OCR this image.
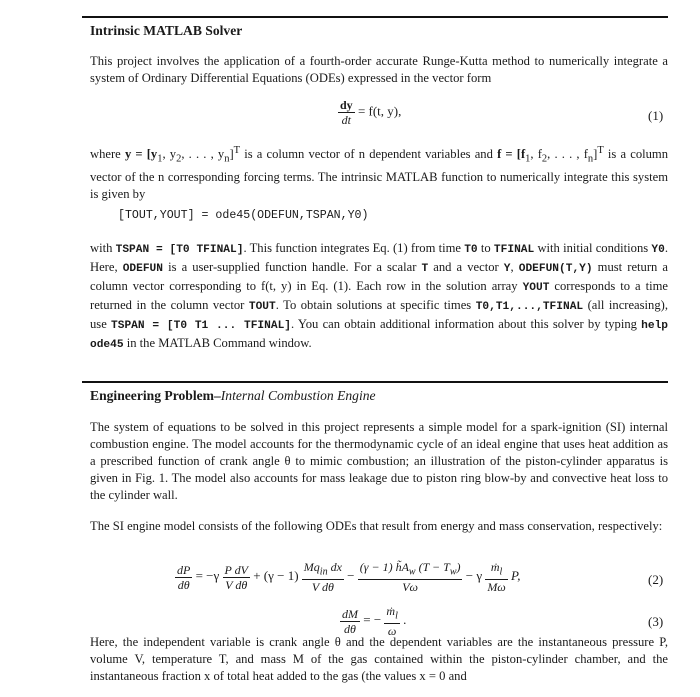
Intrinsic MATLAB Solver
This project involves the application of a fourth-order accurate Runge-Kutta method to numerically integrate a system of Ordinary Differential Equations (ODEs) expressed in the vector form
$\frac{dy}{dt} = f(t$, y),	(1)

where $y = [y_1$, $y_2$, . . . , $y_n]^T$ is a column vector of n dependent variables and $f = [f_1$, $f_2$, . . . , $f_n]^T$ is a column vector of the n corresponding forcing terms. The intrinsic MATLAB function to numerically integrate this system is given by

[TOUT,YOUT] = ode45(ODEFUN,TSPAN,Y0)

with TSPAN = [T0 TFINAL]. This function integrates Eq. (1) from time T0 to TFINAL with initial conditions Y0. Here, ODEFUN is a user-supplied function handle. For a scalar T and a vector Y, ODEFUN(T,Y) must return a column vector corresponding to f(t, y) in Eq. (1). Each row in the solution array YOUT corresponds to a time returned in the column vector TOUT. To obtain solutions at specific times T0,T1,...,TFINAL (all increasing), use TSPAN = [T0 T1 ... TFINAL]. You can obtain additional information about this solver by typing help ode45 in the MATLAB Command window.

Engineering Problem–Internal Combustion Engine
The system of equations to be solved in this project represents a simple model for a spark-ignition (SI) internal combustion engine. The model accounts for the thermodynamic cycle of an ideal engine that uses heat addition as a prescribed function of crank angle θ to mimic combustion; an illustration of the piston-cylinder apparatus is given in Fig. 1. The model also accounts for mass leakage due to piston ring blow-by and convective heat loss to the cylinder wall.
The SI engine model consists of the following ODEs that result from energy and mass conservation, respectively:
$\frac{dP}{d\theta} = -\gamma \frac{\text{P dV}}{\text{V dθ}} + (\gamma - 1) \frac{Mq_{in} dx}{\text{V dθ}} - \frac{(\gamma - 1) h̃A_w (T - T_w)}{V\omega} - \gamma \frac{ṁ_l}{M\omega} P$,	(2)
$\frac{dM}{d\theta}$ = − $\frac{ṁ_l}{\omega}$ .	(3)
Here, the independent variable is crank angle θ and the dependent variables are the instantaneous pressure P, volume V, temperature T, and mass M of the gas contained within the piston-cylinder chamber, and the instantaneous fraction x of total heat added to the gas (the values x = 0 and
